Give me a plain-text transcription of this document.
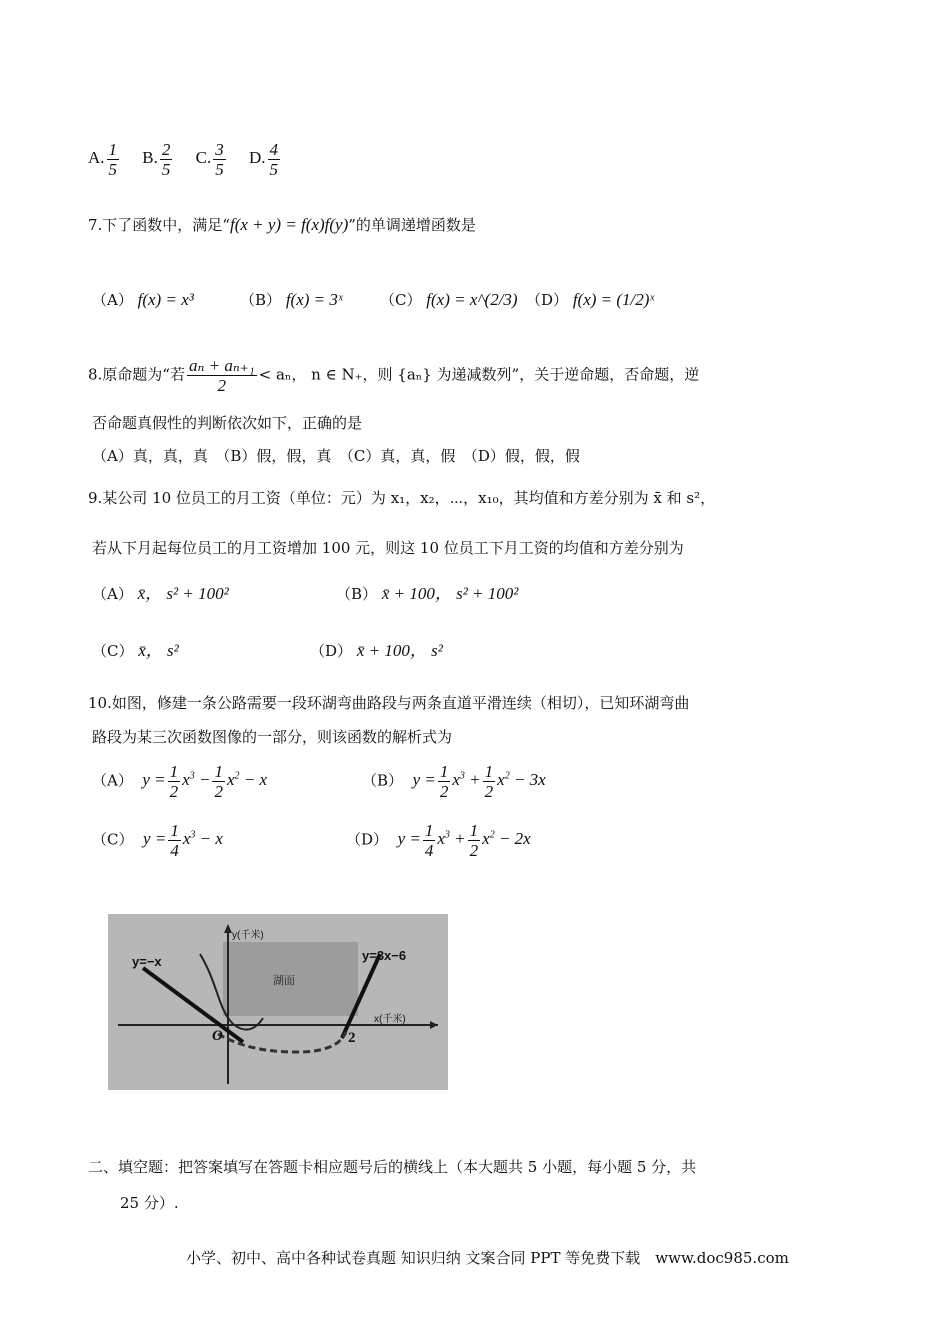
A. $\frac{1}{5} B$. $\frac{2}{5} C$. $\frac{3}{5} D$. $\frac{4}{5}$
7.下了函数中，满足“f(x + y) = f(x)f(y)”的单调递增函数是
（A） f(x) = x³	（B） f(x) = 3ˣ （C） f(x) = x^(2/3) （D） f(x) = (1/2)ˣ
8.原命题为“若 $\frac{\text{aₙ + aₙ₊₁}}{2} < a_n$， n ∈ N₊，则 {aₙ} 为递减数列”，关于逆命题，否命题，逆
否命题真假性的判断依次如下，正确的是
（A）真，真，真　（B）假，假，真　（C）真，真，假　（D）假，假，假
9.某公司 10 位员工的月工资（单位：元）为 x₁，x₂，⋯，x₁₀，其均值和方差分别为 x̄ 和 s²，
若从下月起每位员工的月工资增加 100 元，则这 10 位员工下月工资的均值和方差分别为
（A） x̄， s² + 100²	（B） x̄ + 100， s² + 100²
（C） x̄， s²	（D） x̄ + 100， s²
10.如图，修建一条公路需要一段环湖弯曲路段与两条直道平滑连续（相切），已知环湖弯曲
路段为某三次函数图像的一部分，则该函数的解析式为
（A） $y = \frac{1}{2} x^3 - \frac{1}{2} x^2 - x$	（B） $y = \frac{1}{2} x^3 + \frac{1}{2} x^2 - 3x$
（C） $y = \frac{1}{4} x^3 - x$	（D） $y = \frac{1}{4} x^3 + \frac{1}{2} x^2 - 2x$
y=−x	y=3x−6
y(千米)
x(千米)
O	2
湖面
二、填空题：把答案填写在答题卡相应题号后的横线上（本大题共 5 小题，每小题 5 分，共
25 分）.
小学、初中、高中各种试卷真题 知识归纳 文案合同 PPT 等免费下载　www.doc985.com
